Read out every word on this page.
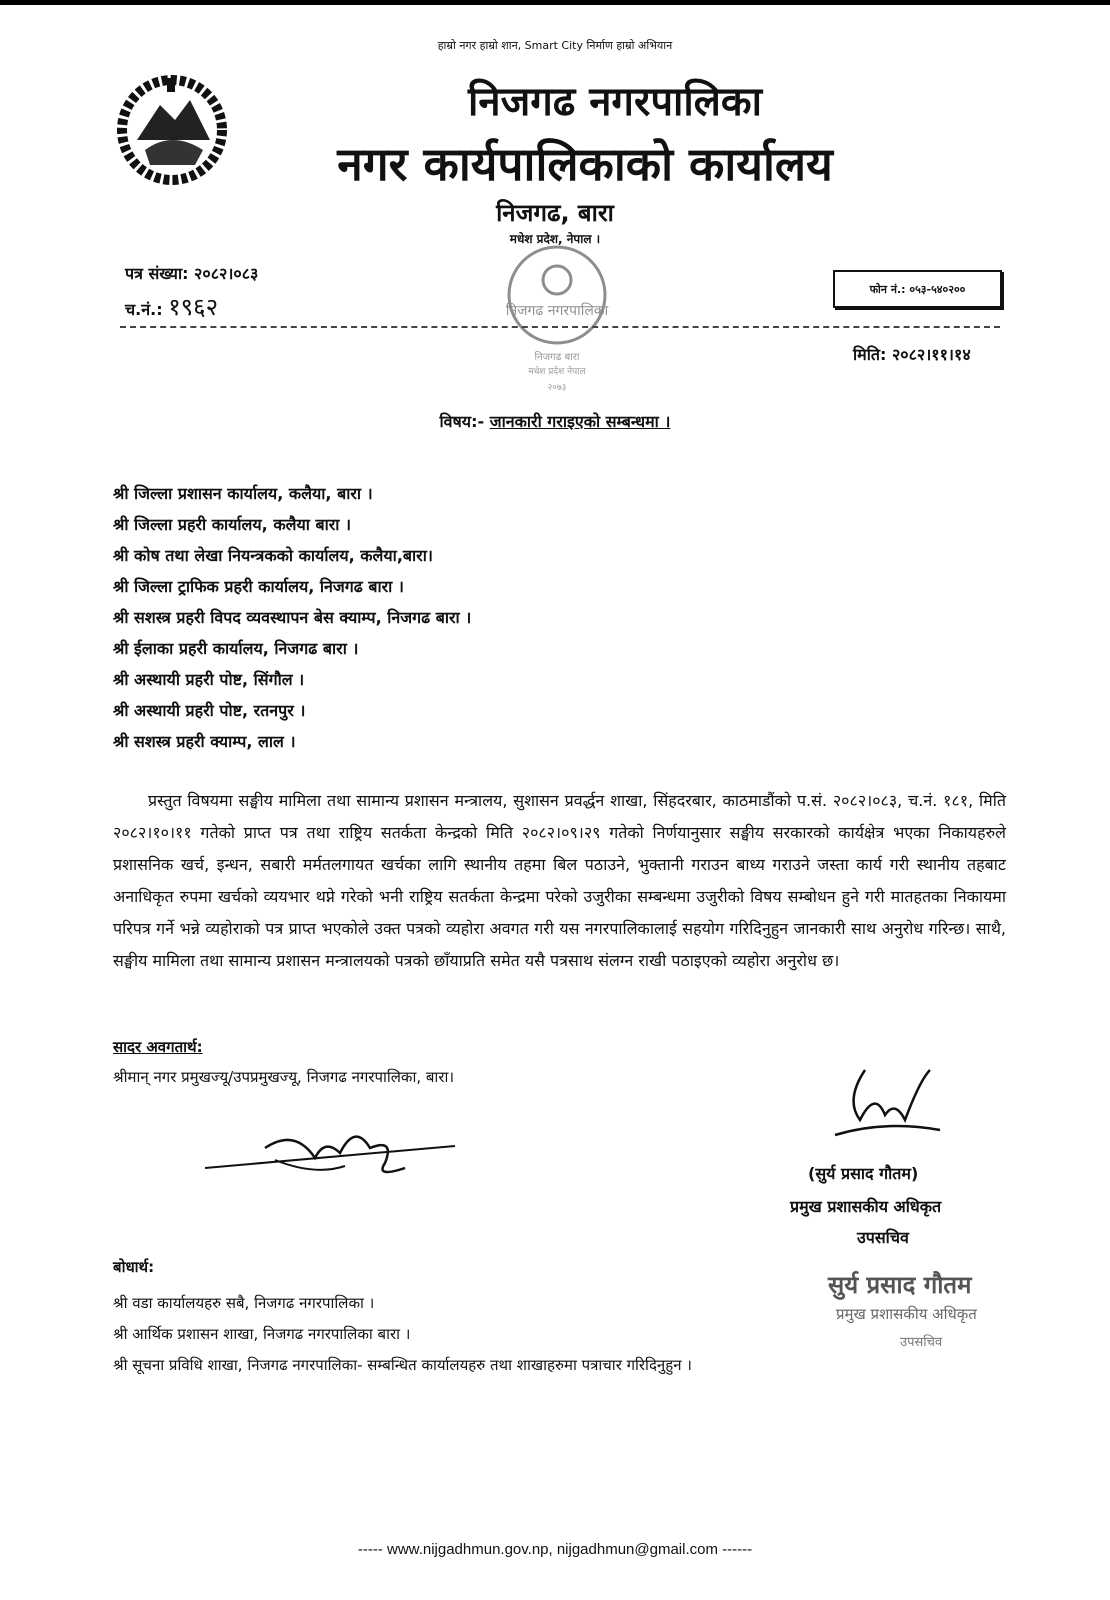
हाम्रो नगर हाम्रो शान, Smart City निर्माण हाम्रो अभियान
निजगढ नगरपालिका
नगर कार्यपालिकाको कार्यालय
निजगढ, बारा
मधेश प्रदेश, नेपाल ।
पत्र संख्या: २०८२।०८३
च.नं.: १९६२	निजगढ नगरपालिका
निजगढ बारा
मधेश प्रदेश नेपाल
२०७३
फोन नं.: ०५३-५४०२००
मिति: २०८२।११।१४
विषय:- जानकारी गराइएको सम्बन्धमा ।
श्री जिल्ला प्रशासन कार्यालय, कलैया, बारा ।
श्री जिल्ला प्रहरी कार्यालय, कलैया बारा ।
श्री कोष तथा लेखा नियन्त्रकको कार्यालय, कलैया,बारा।
श्री जिल्ला ट्राफिक प्रहरी कार्यालय, निजगढ बारा ।
श्री सशस्त्र प्रहरी विपद व्यवस्थापन बेस क्याम्प, निजगढ बारा ।
श्री ईलाका प्रहरी कार्यालय, निजगढ बारा ।
श्री अस्थायी प्रहरी पोष्ट, सिंगौल ।
श्री अस्थायी प्रहरी पोष्ट, रतनपुर ।
श्री सशस्त्र प्रहरी क्याम्प, लाल ।
प्रस्तुत विषयमा सङ्घीय मामिला तथा सामान्य प्रशासन मन्त्रालय, सुशासन प्रवर्द्धन शाखा, सिंहदरबार, काठमाडौंको प.सं. २०८२।०८३, च.नं. १८१, मिति २०८२।१०।११ गतेको प्राप्त पत्र तथा राष्ट्रिय सतर्कता केन्द्रको मिति २०८२।०९।२९ गतेको निर्णयानुसार सङ्घीय सरकारको कार्यक्षेत्र भएका निकायहरुले प्रशासनिक खर्च, इन्धन, सबारी मर्मतलगायत खर्चका लागि स्थानीय तहमा बिल पठाउने, भुक्तानी गराउन बाध्य गराउने जस्ता कार्य गरी स्थानीय तहबाट अनाधिकृत रुपमा खर्चको व्ययभार थप्ने गरेको भनी राष्ट्रिय सतर्कता केन्द्रमा परेको उजुरीका सम्बन्धमा उजुरीको विषय सम्बोधन हुने गरी मातहतका निकायमा परिपत्र गर्ने भन्ने व्यहोराको पत्र प्राप्त भएकोले उक्त पत्रको व्यहोरा अवगत गरी यस नगरपालिकालाई सहयोग गरिदिनुहुन जानकारी साथ अनुरोध गरिन्छ। साथै, सङ्घीय मामिला तथा सामान्य प्रशासन मन्त्रालयको पत्रको छाँयाप्रति समेत यसै पत्रसाथ संलग्न राखी पठाइएको व्यहोरा अनुरोध छ।
सादर अवगतार्थ:
श्रीमान् नगर प्रमुखज्यू/उपप्रमुखज्यू, निजगढ नगरपालिका, बारा।
(सुर्य प्रसाद गौतम)
प्रमुख प्रशासकीय अधिकृत
उपसचिव
सुर्य प्रसाद गौतम
प्रमुख प्रशासकीय अधिकृत
उपसचिव
बोधार्थ:
श्री वडा कार्यालयहरु सबै, निजगढ नगरपालिका ।
श्री आर्थिक प्रशासन शाखा, निजगढ नगरपालिका बारा ।
श्री सूचना प्रविधि शाखा, निजगढ नगरपालिका- सम्बन्धित कार्यालयहरु तथा शाखाहरुमा पत्राचार गरिदिनुहुन ।
----- www.nijgadhmun.gov.np, nijgadhmun@gmail.com ------
